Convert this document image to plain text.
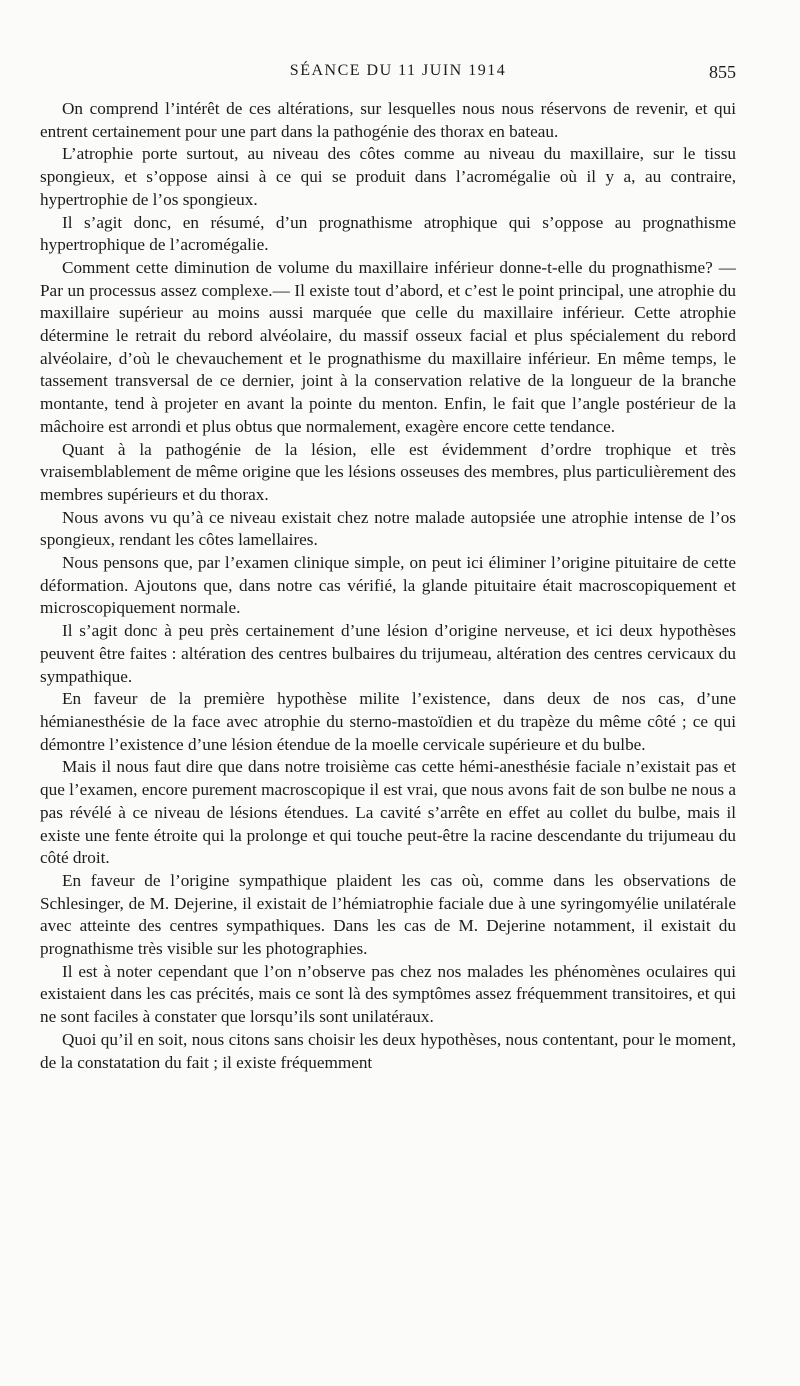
SÉANCE DU 11 JUIN 1914	855

On comprend l’intérêt de ces altérations, sur lesquelles nous nous réservons de revenir, et qui entrent certainement pour une part dans la pathogénie des thorax en bateau.

L’atrophie porte surtout, au niveau des côtes comme au niveau du maxillaire, sur le tissu spongieux, et s’oppose ainsi à ce qui se produit dans l’acromégalie où il y a, au contraire, hypertrophie de l’os spongieux.

Il s’agit donc, en résumé, d’un prognathisme atrophique qui s’oppose au prognathisme hypertrophique de l’acromégalie.

Comment cette diminution de volume du maxillaire inférieur donne-t-elle du prognathisme? — Par un processus assez complexe.— Il existe tout d’abord, et c’est le point principal, une atrophie du maxillaire supérieur au moins aussi marquée que celle du maxillaire inférieur. Cette atrophie détermine le retrait du rebord alvéolaire, du massif osseux facial et plus spécialement du rebord alvéolaire, d’où le chevauchement et le prognathisme du maxillaire inférieur. En même temps, le tassement transversal de ce dernier, joint à la conservation relative de la longueur de la branche montante, tend à projeter en avant la pointe du menton. Enfin, le fait que l’angle postérieur de la mâchoire est arrondi et plus obtus que normalement, exagère encore cette tendance.

Quant à la pathogénie de la lésion, elle est évidemment d’ordre trophique et très vraisemblablement de même origine que les lésions osseuses des membres, plus particulièrement des membres supérieurs et du thorax.

Nous avons vu qu’à ce niveau existait chez notre malade autopsiée une atrophie intense de l’os spongieux, rendant les côtes lamellaires.

Nous pensons que, par l’examen clinique simple, on peut ici éliminer l’origine pituitaire de cette déformation. Ajoutons que, dans notre cas vérifié, la glande pituitaire était macroscopiquement et microscopiquement normale.

Il s’agit donc à peu près certainement d’une lésion d’origine nerveuse, et ici deux hypothèses peuvent être faites : altération des centres bulbaires du trijumeau, altération des centres cervicaux du sympathique.

En faveur de la première hypothèse milite l’existence, dans deux de nos cas, d’une hémianesthésie de la face avec atrophie du sterno-mastoïdien et du trapèze du même côté ; ce qui démontre l’existence d’une lésion étendue de la moelle cervicale supérieure et du bulbe.

Mais il nous faut dire que dans notre troisième cas cette hémi-anesthésie faciale n’existait pas et que l’examen, encore purement macroscopique il est vrai, que nous avons fait de son bulbe ne nous a pas révélé à ce niveau de lésions étendues. La cavité s’arrête en effet au collet du bulbe, mais il existe une fente étroite qui la prolonge et qui touche peut-être la racine descendante du trijumeau du côté droit.

En faveur de l’origine sympathique plaident les cas où, comme dans les observations de Schlesinger, de M. Dejerine, il existait de l’hémiatrophie faciale due à une syringomyélie unilatérale avec atteinte des centres sympathiques. Dans les cas de M. Dejerine notamment, il existait du prognathisme très visible sur les photographies.

Il est à noter cependant que l’on n’observe pas chez nos malades les phénomènes oculaires qui existaient dans les cas précités, mais ce sont là des symptômes assez fréquemment transitoires, et qui ne sont faciles à constater que lorsqu’ils sont unilatéraux.

Quoi qu’il en soit, nous citons sans choisir les deux hypothèses, nous contentant, pour le moment, de la constatation du fait ; il existe fréquemment
